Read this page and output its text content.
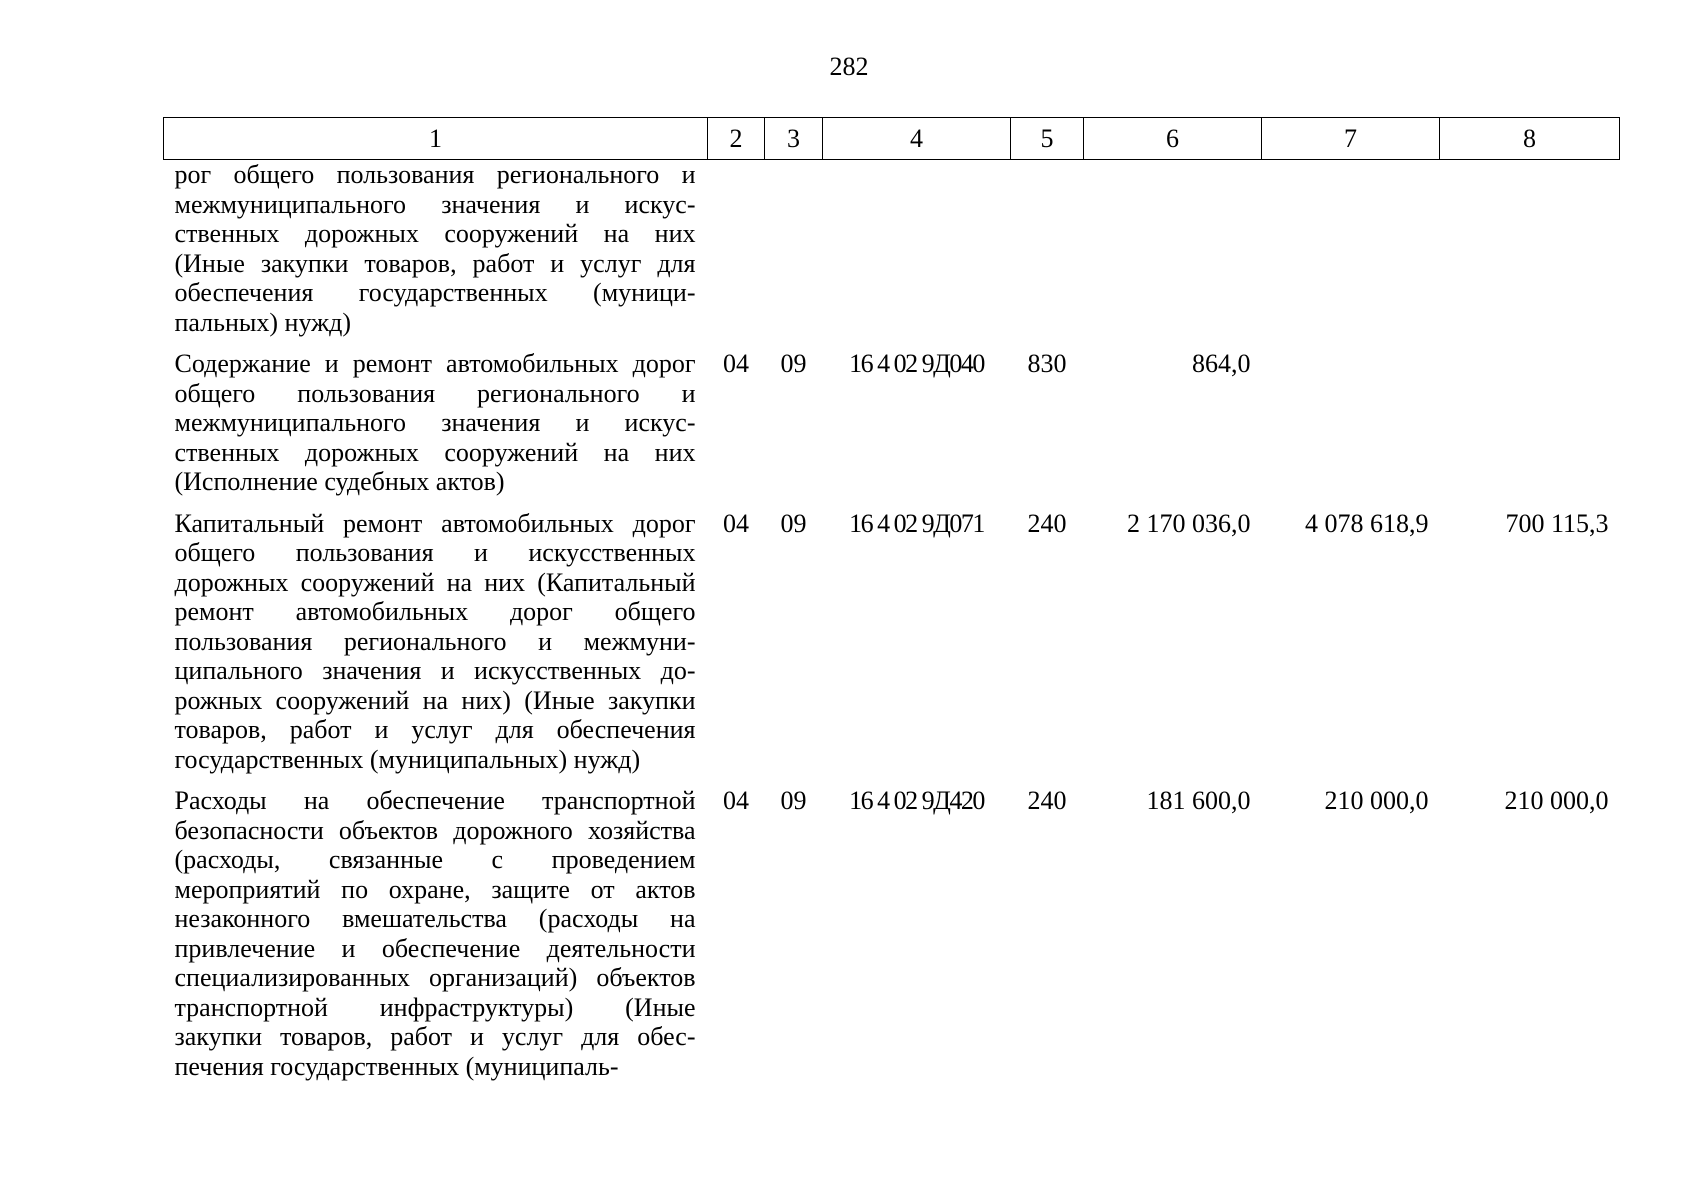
282
1	2	3	4	5	6	7	8
рог общего пользования регионального и межмуниципального значения и искусственных дорожных сооружений на них (Иные закупки товаров, работ и услуг для обеспечения государственных (муниципальных) нужд)							
Содержание и ремонт автомобильных дорог общего пользования регионального и межмуниципального значения и искусственных дорожных сооружений на них (Исполнение судебных актов)	04	09	16 4 02 9Д040	830	864,0		
Капитальный ремонт автомобильных дорог общего пользования и искусственных дорожных сооружений на них (Капитальный ремонт автомобильных дорог общего пользования регионального и межмуниципального значения и искусственных дорожных сооружений на них) (Иные закупки товаров, работ и услуг для обеспечения государственных (муниципальных) нужд)	04	09	16 4 02 9Д071	240	2 170 036,0	4 078 618,9	700 115,3
Расходы на обеспечение транспортной безопасности объектов дорожного хозяйства (расходы, связанные с проведением мероприятий по охране, защите от актов незаконного вмешательства (расходы на привлечение и обеспечение деятельности специализированных организаций) объектов транспортной инфраструктуры) (Иные закупки товаров, работ и услуг для обеспечения государственных (муниципаль-	04	09	16 4 02 9Д420	240	181 600,0	210 000,0	210 000,0
